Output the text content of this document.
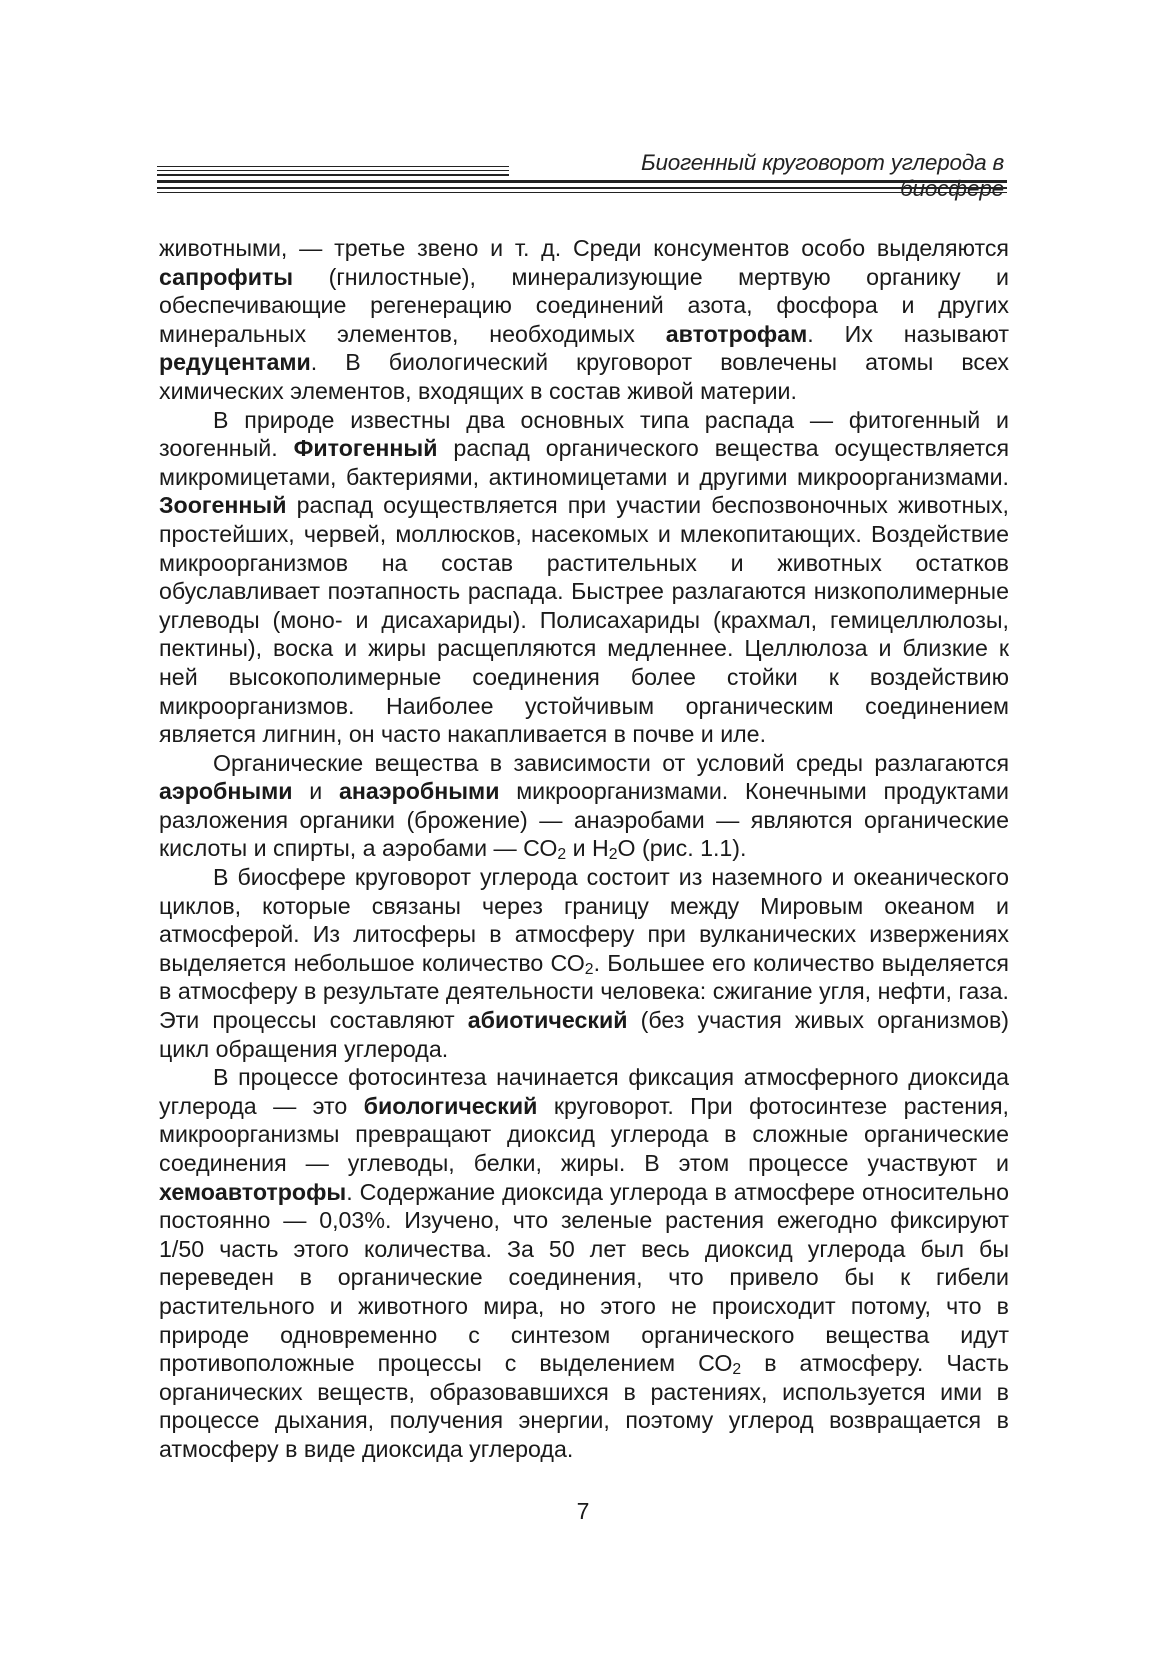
Биогенный круговорот углерода в

животными, — третье звено и т. д. Среди консументов особо выделяются сапрофиты (гнилостные), минерализующие мертвую органику и обеспечивающие регенерацию соединений азота, фосфора и других минеральных элементов, необходимых автотрофам. Их называют редуцентами. В биологический круговорот вовлечены атомы всех химических элементов, входящих в состав живой материи.

В природе известны два основных типа распада — фитогенный и зоогенный. Фитогенный распад органического вещества осуществляется микромицетами, бактериями, актиномицетами и другими микроорганизмами. Зоогенный распад осуществляется при участии беспозвоночных животных, простейших, червей, моллюсков, насекомых и млекопитающих. Воздействие микроорганизмов на состав растительных и животных остатков обуславливает поэтапность распада. Быстрее разлагаются низкополимерные углеводы (моно- и дисахариды). Полисахариды (крахмал, гемицеллюлозы, пектины), воска и жиры расщепляются медленнее. Целлюлоза и близкие к ней высокополимерные соединения более стойки к воздействию микроорганизмов. Наиболее устойчивым органическим соединением является лигнин, он часто накапливается в почве и иле.

Органические вещества в зависимости от условий среды разлагаются аэробными и анаэробными микроорганизмами. Конечными продуктами разложения органики (брожение) — анаэробами — являются органические кислоты и спирты, а аэробами — $СО_2$ и $Н_2О$ (рис. 1.1).

В биосфере круговорот углерода состоит из наземного и океанического циклов, которые связаны через границу между Мировым океаном и атмосферой. Из литосферы в атмосферу при вулканических извержениях выделяется небольшое количество $СО_2$. Большее его количество выделяется в атмосферу в результате деятельности человека: сжигание угля, нефти, газа. Эти процессы составляют абиотический (без участия живых организмов) цикл обращения углерода.

В процессе фотосинтеза начинается фиксация атмосферного диоксида углерода — это биологический круговорот. При фотосинтезе растения, микроорганизмы превращают диоксид углерода в сложные органические соединения — углеводы, белки, жиры. В этом процессе участвуют и хемоавтотрофы. Содержание диоксида углерода в атмосфере относительно постоянно — 0,03%. Изучено, что зеленые растения ежегодно фиксируют 1/50 часть этого количества. За 50 лет весь диоксид углерода был бы переведен в органические соединения, что привело бы к гибели растительного и животного мира, но этого не происходит потому, что в природе одновременно с синтезом органического вещества идут противоположные процессы с выделением $СО_2$ в атмосферу. Часть органических веществ, образовавшихся в растениях, используется ими в процессе дыхания, получения энергии, поэтому углерод возвращается в атмосферу в виде диоксида углерода.

7
